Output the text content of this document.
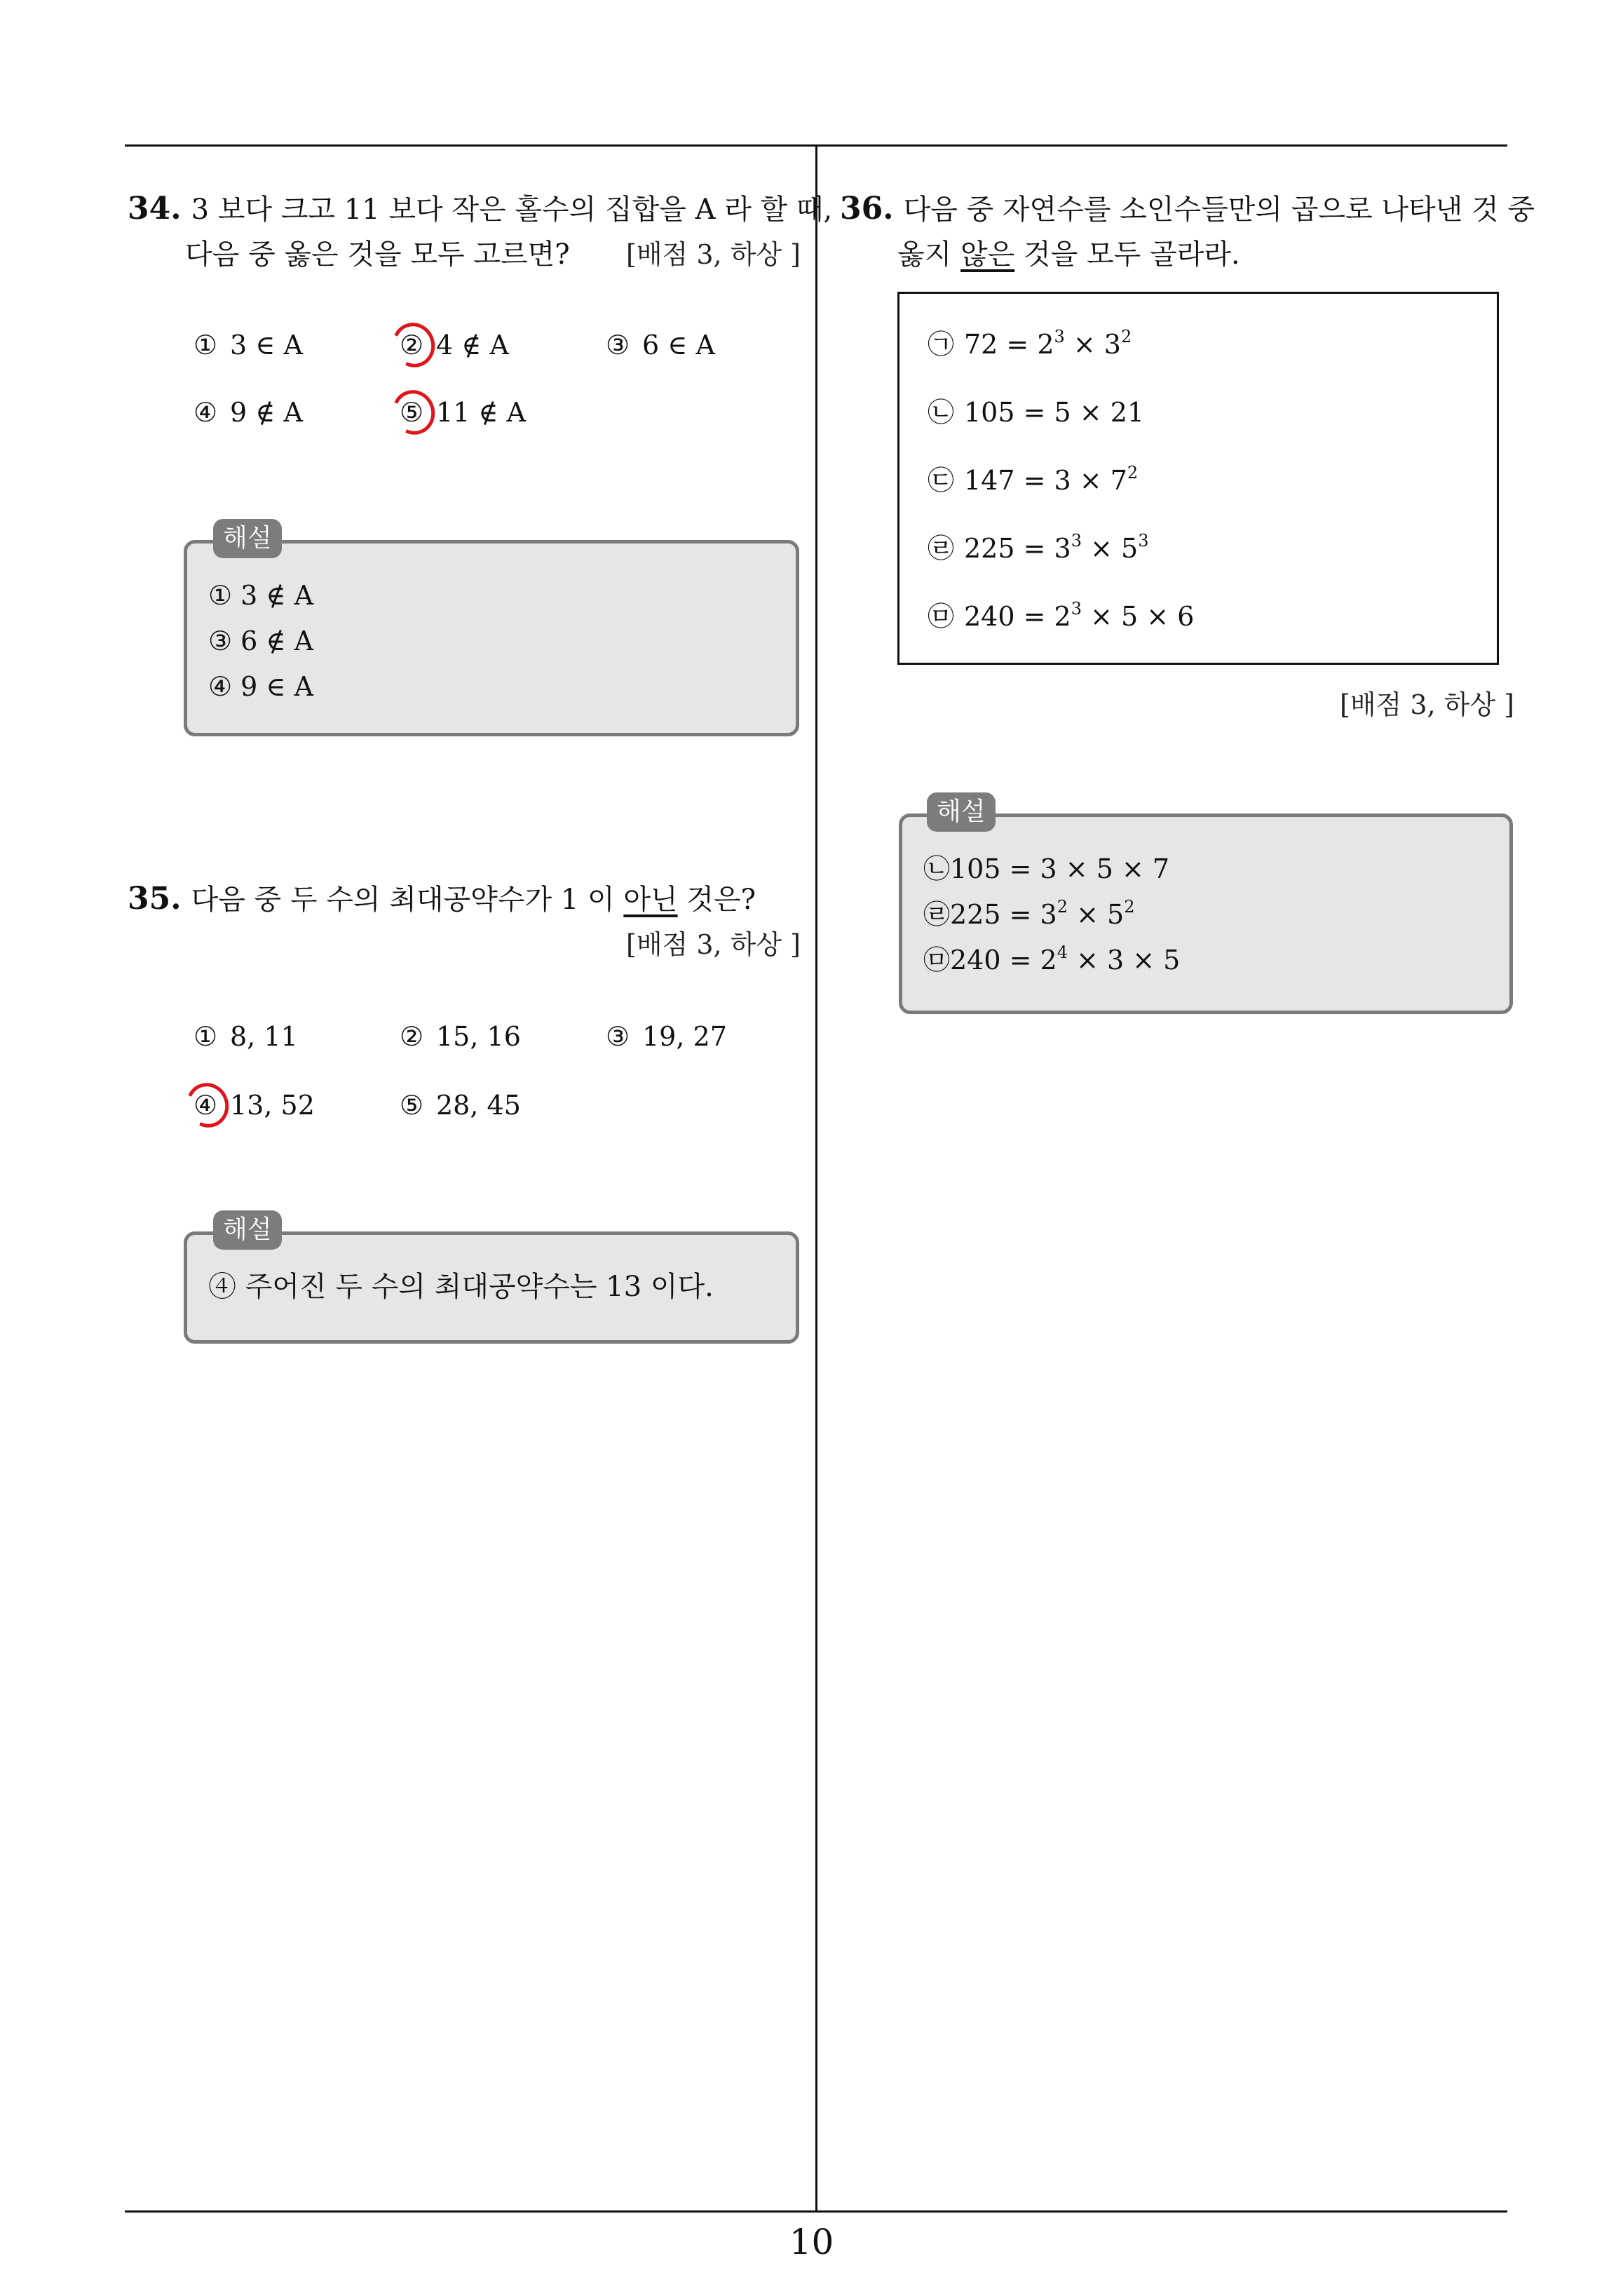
10
34. 3 보다 크고 11 보다 작은 홀수의 집합을 A 라 할 때,
다음 중 옳은 것을 모두 고르면? [배점 3, 하상 ]
① 3 ∈ A	② 4 ∉ A	③ 6 ∈ A
④ 9 ∉ A	⑤ 11 ∉ A
① 3 ∉ A
③ 6 ∉ A
④ 9 ∈ A
해설
35. 다음 중 두 수의 최대공약수가 1 이 아닌 것은?
[배점 3, 하상 ]
① 8, 11	② 15, 16	③ 19, 27
④ 13, 52	⑤ 28, 45
④ 주어진 두 수의 최대공약수는 13 이다.
해설
36. 다음 중 자연수를 소인수들만의 곱으로 나타낸 것 중
옳지 않은 것을 모두 골라라.
㉠ $72 = 2^3 \times 3^2$
㉡ 105 = 5 × 21
㉢ $147 = 3 \times 7^2$
㉣ $225 = 3^3 \times 5^3$
㉤ $240 = 2^3 \times 5 \times 6$
[배점 3, 하상 ]
㉡105 = 3 × 5 × 7
㉣225 = $3^2 \times 5^2$
㉤240 = $2^4 \times 3 \times 5$
해설
